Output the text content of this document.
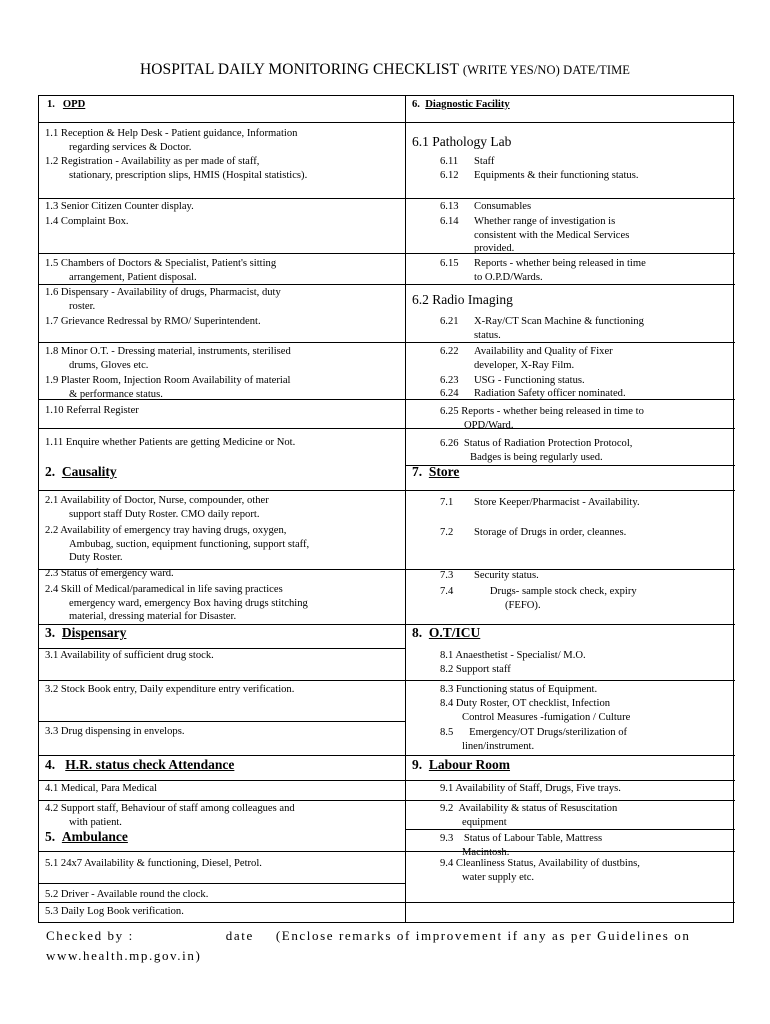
HOSPITAL DAILY MONITORING CHECKLIST (WRITE YES/NO) DATE/TIME
1. OPD
1.1 Reception & Help Desk - Patient guidance, Information
regarding services & Doctor.
1.2 Registration - Availability as per made of staff,
stationary, prescription slips, HMIS (Hospital statistics).
1.3 Senior Citizen Counter display.
1.4 Complaint Box.
1.5 Chambers of Doctors & Specialist, Patient's sitting
arrangement, Patient disposal.
1.6 Dispensary - Availability of drugs, Pharmacist, duty
roster.
1.7 Grievance Redressal by RMO/ Superintendent.
1.8 Minor O.T. - Dressing material, instruments, sterilised
drums, Gloves etc.
1.9 Plaster Room, Injection Room Availability of material
& performance status.
1.10 Referral Register
1.11 Enquire whether Patients are getting Medicine or Not.
2. Causality
2.1 Availability of Doctor, Nurse, compounder, other
support staff Duty Roster. CMO daily report.
2.2 Availability of emergency tray having drugs, oxygen,
Ambubag, suction, equipment functioning, support staff,
Duty Roster.
2.3 Status of emergency ward.
2.4 Skill of Medical/paramedical in life saving practices
emergency ward, emergency Box having drugs stitching
material, dressing material for Disaster.
3. Dispensary
3.1 Availability of sufficient drug stock.
3.2 Stock Book entry, Daily expenditure entry verification.
3.3 Drug dispensing in envelops.
4. H.R. status check Attendance
4.1 Medical, Para Medical
4.2 Support staff, Behaviour of staff among colleagues and
with patient.
5. Ambulance
5.1 24x7 Availability & functioning, Diesel, Petrol.
5.2 Driver - Available round the clock.
5.3 Daily Log Book verification.
6. Diagnostic Facility
6.1 Pathology Lab
6.11 Staff
6.12 Equipments & their functioning status.
6.13 Consumables
6.14 Whether range of investigation is
consistent with the Medical Services
provided.
6.15 Reports - whether being released in time
to O.P.D/Wards.
6.2 Radio Imaging
6.21 X-Ray/CT Scan Machine & functioning
status.
6.22 Availability and Quality of Fixer
developer, X-Ray Film.
6.23 USG - Functioning status.
6.24 Radiation Safety officer nominated.
6.25 Reports - whether being released in time to
OPD/Ward.
6.26 Status of Radiation Protection Protocol,
Badges is being regularly used.
7. Store
7.1 Store Keeper/Pharmacist - Availability.
7.2 Storage of Drugs in order, cleannes.
7.3 Security status.
7.4	Drugs- sample stock check, expiry
(FEFO).
8. O.T/ICU
8.1 Anaesthetist - Specialist/ M.O.
8.2 Support staff
8.3 Functioning status of Equipment.
8.4 Duty Roster, OT checklist, Infection
Control Measures -fumigation / Culture
8.5 Emergency/OT Drugs/sterilization of
linen/instrument.
9. Labour Room
9.1 Availability of Staff, Drugs, Five trays.
9.2 Availability & status of Resuscitation
equipment
9.3 Status of Labour Table, Mattress
Macintosh.
9.4 Cleanliness Status, Availability of dustbins,
water supply etc.
Checked by :	date (Enclose remarks of improvement if any as per Guidelines on
www.health.mp.gov.in)
